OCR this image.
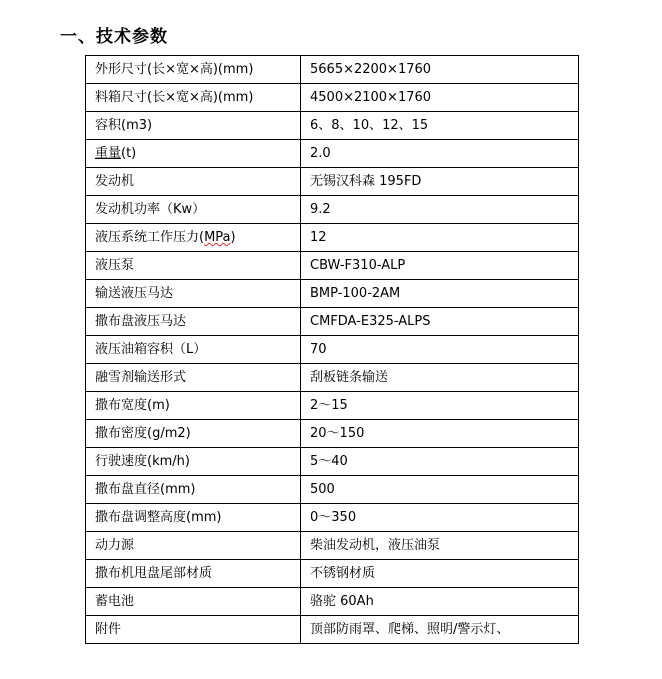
一、技术参数
外形尺寸(长×宽×高)(mm)	5665×2200×1760
料箱尺寸(长×宽×高)(mm)	4500×2100×1760
容积(m3)	6、8、10、12、15
重量(t)	2.0
发动机	无锡汉科森 195FD
发动机功率（Kw）	9.2
液压系统工作压力(MPa)	12
液压泵	CBW-F310-ALP
输送液压马达	BMP-100-2AM
撒布盘液压马达	CMFDA-E325-ALPS
液压油箱容积（L）	70
融雪剂输送形式	刮板链条输送
撒布宽度(m)	2～15
撒布密度(g/m2)	20～150
行驶速度(km/h)	5～40
撒布盘直径(mm)	500
撒布盘调整高度(mm)	0～350
动力源	柴油发动机，液压油泵
撒布机甩盘尾部材质	不锈钢材质
蓄电池	骆驼 60Ah
附件	顶部防雨罩、爬梯、照明/警示灯、
